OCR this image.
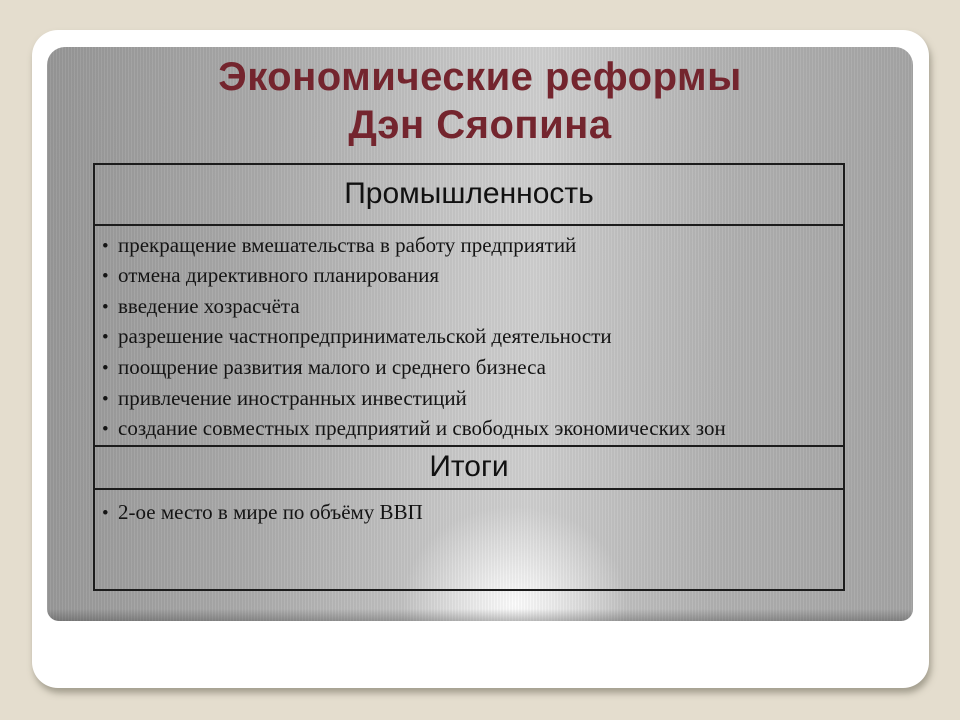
Экономические реформы
Дэн Сяопина
Промышленность
• прекращение вмешательства в работу предприятий
• отмена директивного планирования
• введение хозрасчёта
• разрешение частнопредпринимательской деятельности
• поощрение развития малого и среднего бизнеса
• привлечение иностранных инвестиций
• создание совместных предприятий и свободных экономических зон
Итоги
• 2-ое место в мире по объёму ВВП
